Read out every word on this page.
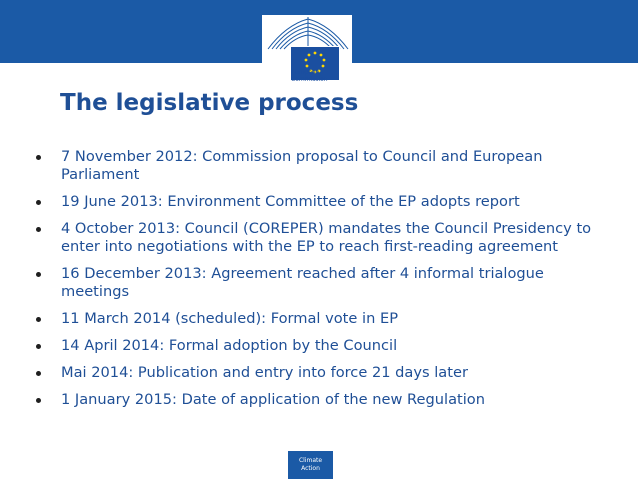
European
Commission
The legislative process
7 November 2012: Commission proposal to Council and European Parliament
19 June 2013: Environment Committee of the EP adopts report
4 October 2013: Council (COREPER) mandates the Council Presidency to enter into negotiations with the EP to reach first-reading agreement
16 December 2013: Agreement reached after 4 informal trialogue meetings
11 March 2014 (scheduled): Formal vote in EP
14 April 2014: Formal adoption by the Council
Mai 2014: Publication and entry into force 21 days later
1 January 2015: Date of application of the new Regulation
Climate
Action
